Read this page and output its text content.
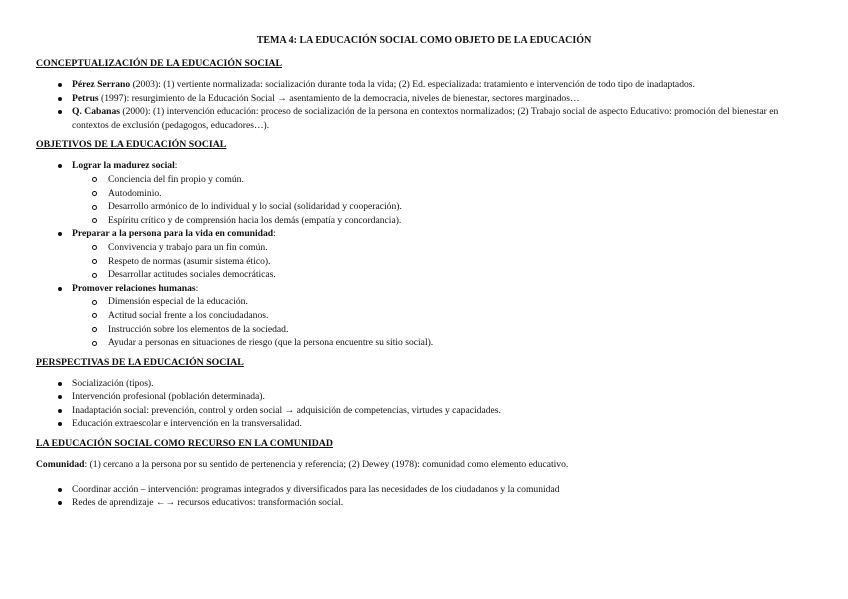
TEMA 4: LA EDUCACIÓN SOCIAL COMO OBJETO DE LA EDUCACIÓN
CONCEPTUALIZACIÓN DE LA EDUCACIÓN SOCIAL
Pérez Serrano (2003): (1) vertiente normalizada: socialización durante toda la vida; (2) Ed. especializada: tratamiento e intervención de todo tipo de inadaptados.
Petrus (1997): resurgimiento de la Educación Social → asentamiento de la democracia, niveles de bienestar, sectores marginados…
Q. Cabanas (2000): (1) intervención educación: proceso de socialización de la persona en contextos normalizados; (2) Trabajo social de aspecto Educativo: promoción del bienestar en contextos de exclusión (pedagogos, educadores…).
OBJETIVOS DE LA EDUCACIÓN SOCIAL
Lograr la madurez social:
Conciencia del fin propio y común.
Autodominio.
Desarrollo armónico de lo individual y lo social (solidaridad y cooperación).
Espíritu crítico y de comprensión hacia los demás (empatía y concordancia).
Preparar a la persona para la vida en comunidad:
Convivencia y trabajo para un fin común.
Respeto de normas (asumir sistema ético).
Desarrollar actitudes sociales democráticas.
Promover relaciones humanas:
Dimensión especial de la educación.
Actitud social frente a los conciudadanos.
Instrucción sobre los elementos de la sociedad.
Ayudar a personas en situaciones de riesgo (que la persona encuentre su sitio social).
PERSPECTIVAS DE LA EDUCACIÓN SOCIAL
Socialización (tipos).
Intervención profesional (población determinada).
Inadaptación social: prevención, control y orden social → adquisición de competencias, virtudes y capacidades.
Educación extraescolar e intervención en la transversalidad.
LA EDUCACIÓN SOCIAL COMO RECURSO EN LA COMUNIDAD
Comunidad: (1) cercano a la persona por su sentido de pertenencia y referencia; (2) Dewey (1978): comunidad como elemento educativo.
Coordinar acción – intervención: programas integrados y diversificados para las necesidades de los ciudadanos y la comunidad
Redes de aprendizaje ←→ recursos educativos: transformación social.
